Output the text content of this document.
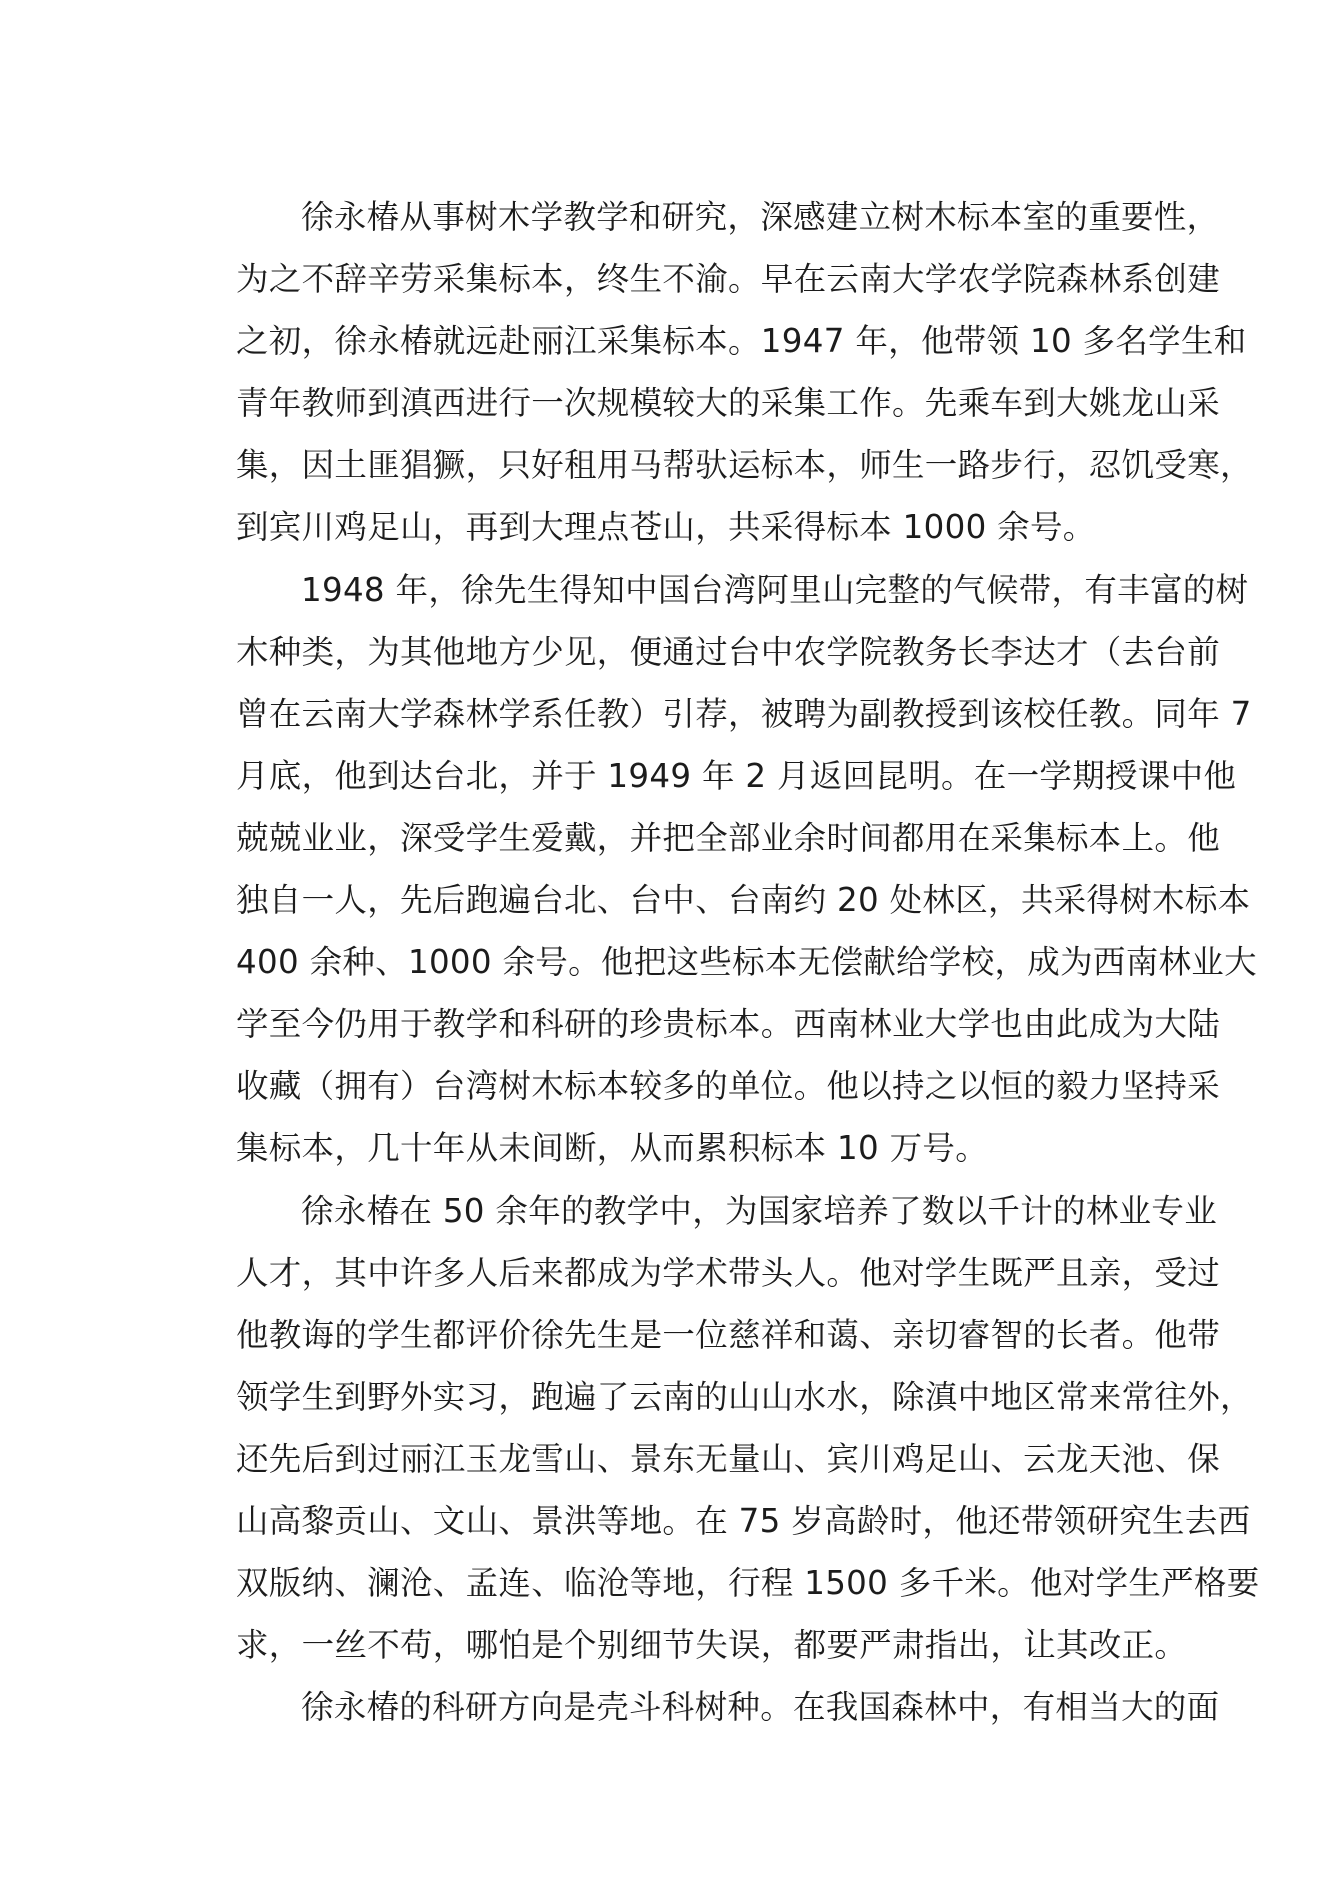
徐永椿从事树木学教学和研究，深感建立树木标本室的重要性，
为之不辞辛劳采集标本，终生不渝。早在云南大学农学院森林系创建
之初，徐永椿就远赴丽江采集标本。1947 年，他带领 10 多名学生和
青年教师到滇西进行一次规模较大的采集工作。先乘车到大姚龙山采
集，因土匪猖獗，只好租用马帮驮运标本，师生一路步行，忍饥受寒，
到宾川鸡足山，再到大理点苍山，共采得标本 1000 余号。
1948 年，徐先生得知中国台湾阿里山完整的气候带，有丰富的树
木种类，为其他地方少见，便通过台中农学院教务长李达才（去台前
曾在云南大学森林学系任教）引荐，被聘为副教授到该校任教。同年 7
月底，他到达台北，并于 1949 年 2 月返回昆明。在一学期授课中他
兢兢业业，深受学生爱戴，并把全部业余时间都用在采集标本上。他
独自一人，先后跑遍台北、台中、台南约 20 处林区，共采得树木标本
400 余种、1000 余号。他把这些标本无偿献给学校，成为西南林业大
学至今仍用于教学和科研的珍贵标本。西南林业大学也由此成为大陆
收藏（拥有）台湾树木标本较多的单位。他以持之以恒的毅力坚持采
集标本，几十年从未间断，从而累积标本 10 万号。
徐永椿在 50 余年的教学中，为国家培养了数以千计的林业专业
人才，其中许多人后来都成为学术带头人。他对学生既严且亲，受过
他教诲的学生都评价徐先生是一位慈祥和蔼、亲切睿智的长者。他带
领学生到野外实习，跑遍了云南的山山水水，除滇中地区常来常往外，
还先后到过丽江玉龙雪山、景东无量山、宾川鸡足山、云龙天池、保
山高黎贡山、文山、景洪等地。在 75 岁高龄时，他还带领研究生去西
双版纳、澜沧、孟连、临沧等地，行程 1500 多千米。他对学生严格要
求，一丝不苟，哪怕是个别细节失误，都要严肃指出，让其改正。
徐永椿的科研方向是壳斗科树种。在我国森林中，有相当大的面
